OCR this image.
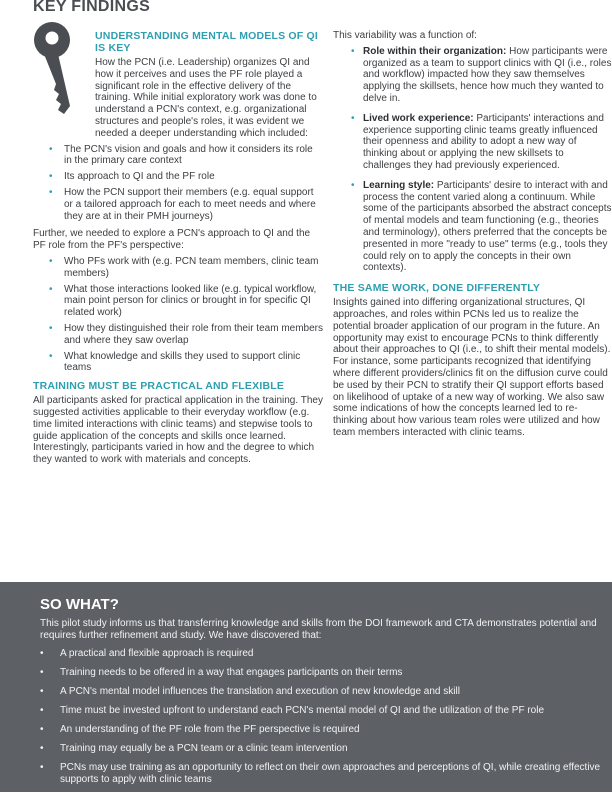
KEY FINDINGS
UNDERSTANDING MENTAL MODELS OF QI IS KEY

How the PCN (i.e. Leadership) organizes QI and how it perceives and uses the PF role played a significant role in the effective delivery of the training. While initial exploratory work was done to understand a PCN's context, e.g. organizational structures and people's roles, it was evident we needed a deeper understanding which included:

• The PCN's vision and goals and how it considers its role in the primary care context
• Its approach to QI and the PF role
• How the PCN support their members (e.g. equal support or a tailored approach for each to meet needs and where they are at in their PMH journeys)

Further, we needed to explore a PCN's approach to QI and the PF role from the PF's perspective:

• Who PFs work with (e.g. PCN team members, clinic team members)
• What those interactions looked like (e.g. typical workflow, main point person for clinics or brought in for specific QI related work)
• How they distinguished their role from their team members and where they saw overlap
• What knowledge and skills they used to support clinic teams
TRAINING MUST BE PRACTICAL AND FLEXIBLE

All participants asked for practical application in the training. They suggested activities applicable to their everyday workflow (e.g. time limited interactions with clinic teams) and stepwise tools to guide application of the concepts and skills once learned. Interestingly, participants varied in how and the degree to which they wanted to work with materials and concepts.

This variability was a function of:

• Role within their organization: How participants were organized as a team to support clinics with QI (i.e., roles and workflow) impacted how they saw themselves applying the skillsets, hence how much they wanted to delve in.
• Lived work experience: Participants' interactions and experience supporting clinic teams greatly influenced their openness and ability to adopt a new way of thinking about or applying the new skillsets to challenges they had previously experienced.
• Learning style: Participants' desire to interact with and process the content varied along a continuum. While some of the participants absorbed the abstract concepts of mental models and team functioning (e.g., theories and terminology), others preferred that the concepts be presented in more "ready to use" terms (e.g., tools they could rely on to apply the concepts in their own contexts).
THE SAME WORK, DONE DIFFERENTLY

Insights gained into differing organizational structures, QI approaches, and roles within PCNs led us to realize the potential broader application of our program in the future. An opportunity may exist to encourage PCNs to think differently about their approaches to QI (i.e., to shift their mental models). For instance, some participants recognized that identifying where different providers/clinics fit on the diffusion curve could be used by their PCN to stratify their QI support efforts based on likelihood of uptake of a new way of working. We also saw some indications of how the concepts learned led to re-thinking about how various team roles were utilized and how team members interacted with clinic teams.

SO WHAT?
This pilot study informs us that transferring knowledge and skills from the DOI framework and CTA demonstrates potential and requires further refinement and study. We have discovered that:
• A practical and flexible approach is required
• Training needs to be offered in a way that engages participants on their terms
• A PCN's mental model influences the translation and execution of new knowledge and skill
• Time must be invested upfront to understand each PCN's mental model of QI and the utilization of the PF role
• An understanding of the PF role from the PF perspective is required
• Training may equally be a PCN team or a clinic team intervention
• PCNs may use training as an opportunity to reflect on their own approaches and perceptions of QI, while creating effective supports to apply with clinic teams
